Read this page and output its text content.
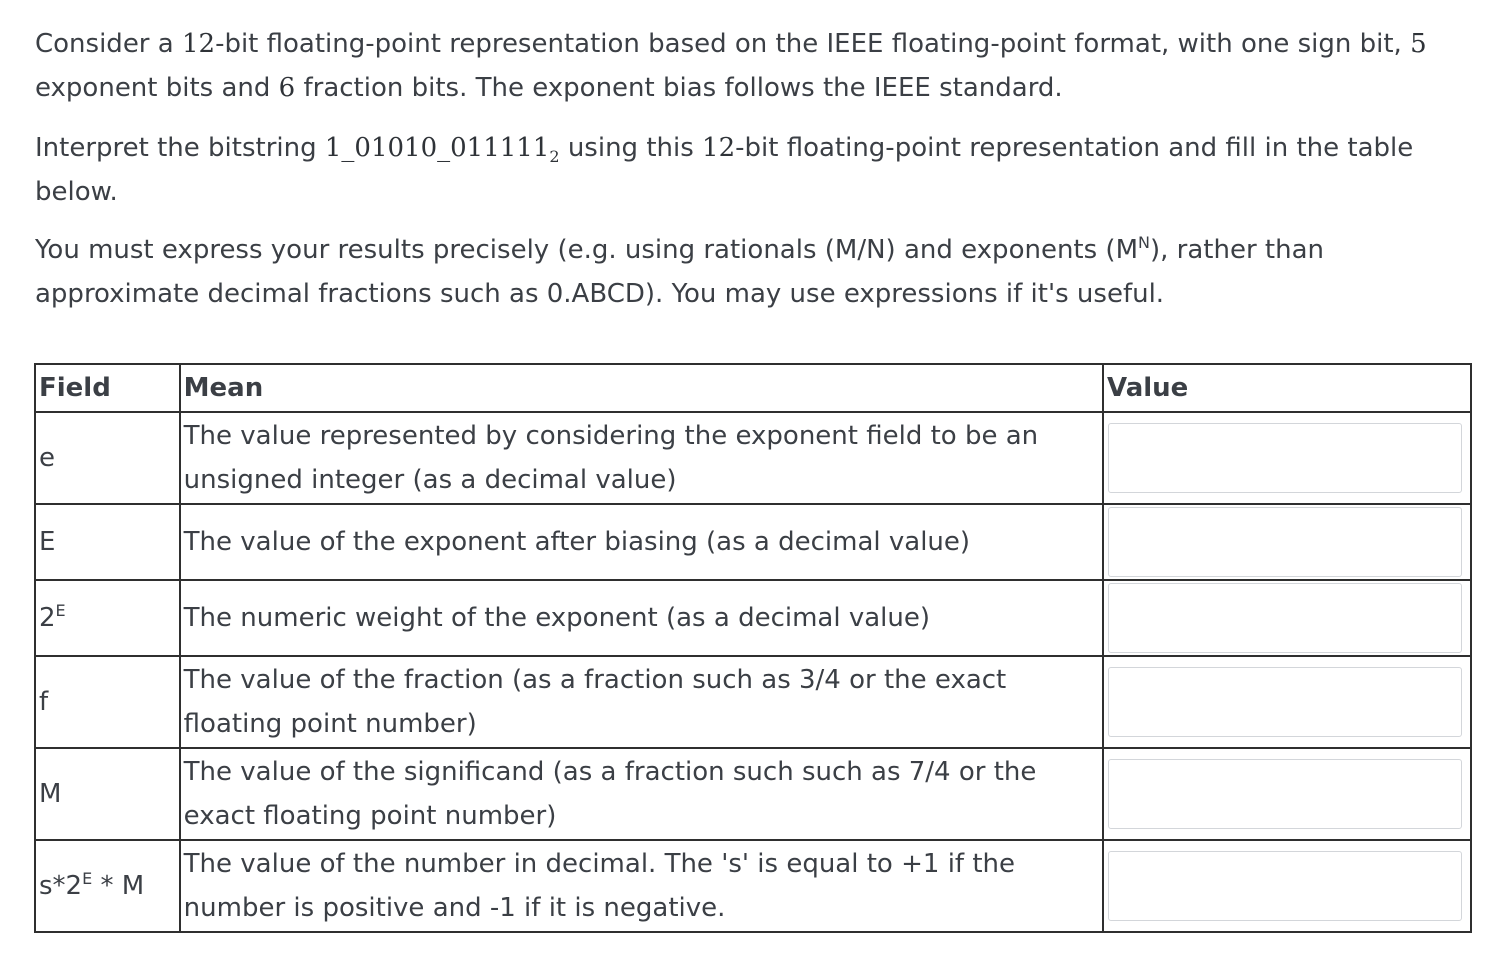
Consider a 12-bit floating-point representation based on the IEEE floating-point format, with one sign bit, 5 exponent bits and 6 fraction bits. The exponent bias follows the IEEE standard.

Interpret the bitstring $1\_01010\_011111_2$ using this 12-bit floating-point representation and fill in the table below.

You must express your results precisely (e.g. using rationals (M/N) and exponents $(M^N)$, rather than approximate decimal fractions such as 0.ABCD). You may use expressions if it's useful.

Field	Mean	Value
e	The value represented by considering the exponent field to be an unsigned integer (as a decimal value)	

E	The value of the exponent after biasing (as a decimal value)	

$2^E$	The numeric weight of the exponent (as a decimal value)	

f	The value of the fraction (as a fraction such as 3/4 or the exact floating point number)	

M	The value of the significand (as a fraction such such as 7/4 or the exact floating point number)	

$s*2^E$ * M	The value of the number in decimal. The 's' is equal to +1 if the number is positive and -1 if it is negative.	
